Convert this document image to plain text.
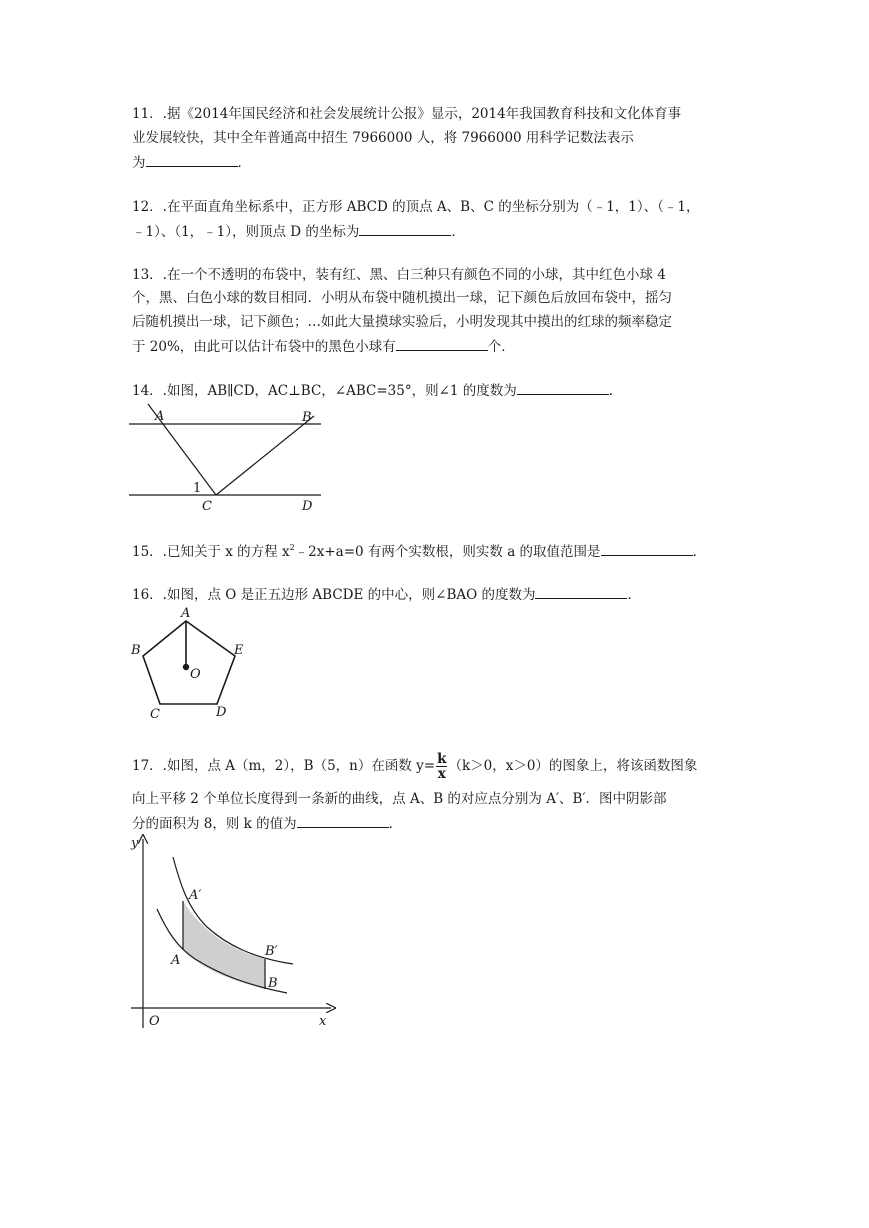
11．.据《2014年国民经济和社会发展统计公报》显示，2014年我国教育科技和文化体育事
业发展较快，其中全年普通高中招生 7966000 人，将 7966000 用科学记数法表示
为	．
12．.在平面直角坐标系中，正方形 ABCD 的顶点 A、B、C 的坐标分别为（﹣1，1）、（﹣1，
﹣1）、（1，﹣1），则顶点 D 的坐标为	．
13．.在一个不透明的布袋中，装有红、黑、白三种只有颜色不同的小球，其中红色小球 4
个，黑、白色小球的数目相同．小明从布袋中随机摸出一球，记下颜色后放回布袋中，摇匀
后随机摸出一球，记下颜色；…如此大量摸球实验后，小明发现其中摸出的红球的频率稳定
于 20%，由此可以估计布袋中的黑色小球有	个．
14．.如图，AB∥CD，AC⊥BC，∠ABC=35°，则∠1 的度数为	．
A	B
C	D
1
15．.已知关于 x 的方程 $x^2﹣2x+a=0$ 有两个实数根，则实数 a 的取值范围是	．
16．.如图，点 O 是正五边形 ABCDE 的中心，则∠BAO 的度数为	．
A
B	E
C	D
O
17．.如图，点 A（m，2），B（5，n）在函数 $y= \frac{k}{x} (k>0$，x＞0）的图象上，将该函数图象
向上平移 2 个单位长度得到一条新的曲线，点 A、B 的对应点分别为 A′、B′．图中阴影部
分的面积为 8，则 k 的值为	．
y
x
O
A′
A
B′
B
